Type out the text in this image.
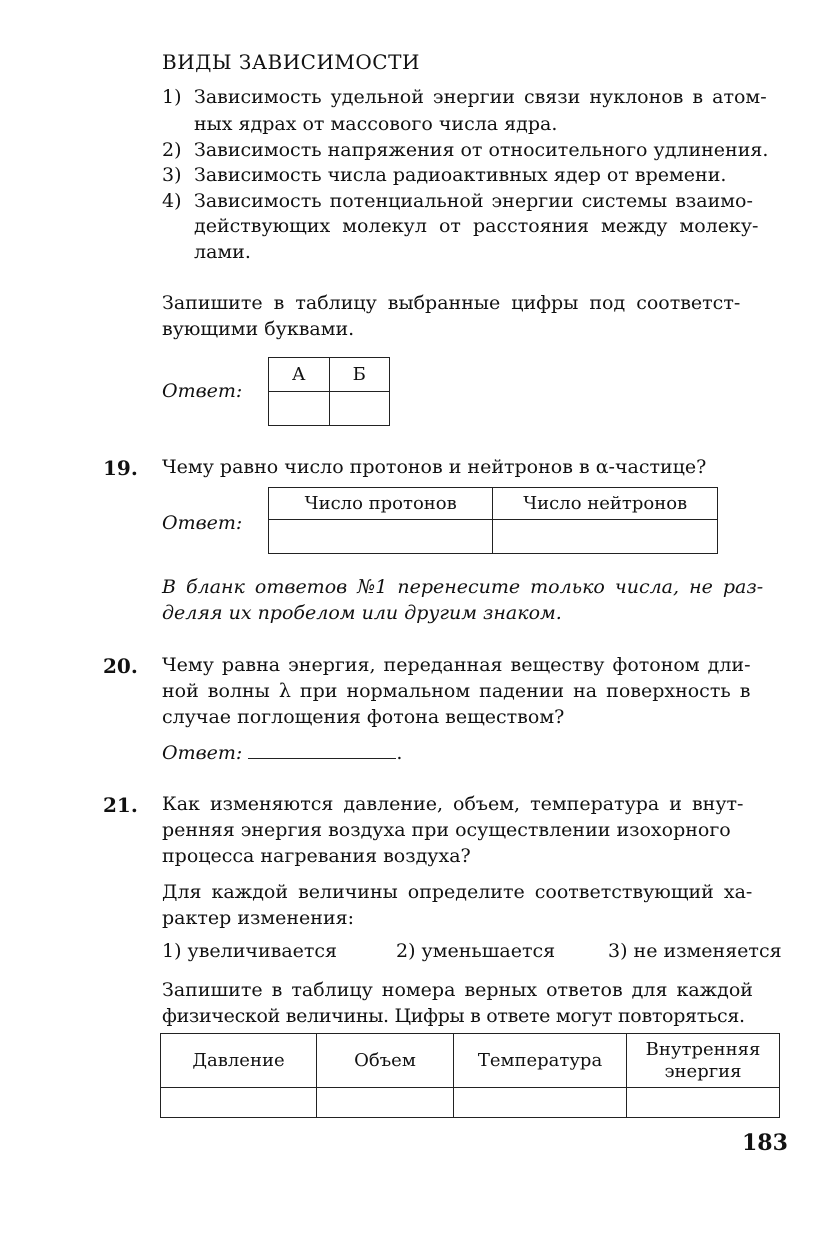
ВИДЫ ЗАВИСИМОСТИ
1) Зависимость удельной энергии связи нуклонов в атом-
ных ядрах от массового числа ядра.
2) Зависимость напряжения от относительного удлинения.
3) Зависимость числа радиоактивных ядер от времени.
4) Зависимость потенциальной энергии системы взаимо-
действующих молекул от расстояния между молеку-
лами.
Запишите в таблицу выбранные цифры под соответст-
вующими буквами.
Ответ:
А	Б

19. Чему равно число протонов и нейтронов в α-частице?
Ответ:
Число протонов	Число нейтронов

В бланк ответов №1 перенесите только числа, не раз-
деляя их пробелом или другим знаком.
20. Чему равна энергия, переданная веществу фотоном дли-
ной волны λ при нормальном падении на поверхность в
случае поглощения фотона веществом?
Ответ:	.
21. Как изменяются давление, объем, температура и внут-
ренняя энергия воздуха при осуществлении изохорного
процесса нагревания воздуха?
Для каждой величины определите соответствующий ха-
рактер изменения:
1) увеличивается	2) уменьшается	3) не изменяется
Запишите в таблицу номера верных ответов для каждой
физической величины. Цифры в ответе могут повторяться.
Давление	Объем	Температура	Внутренняя энергия

183
